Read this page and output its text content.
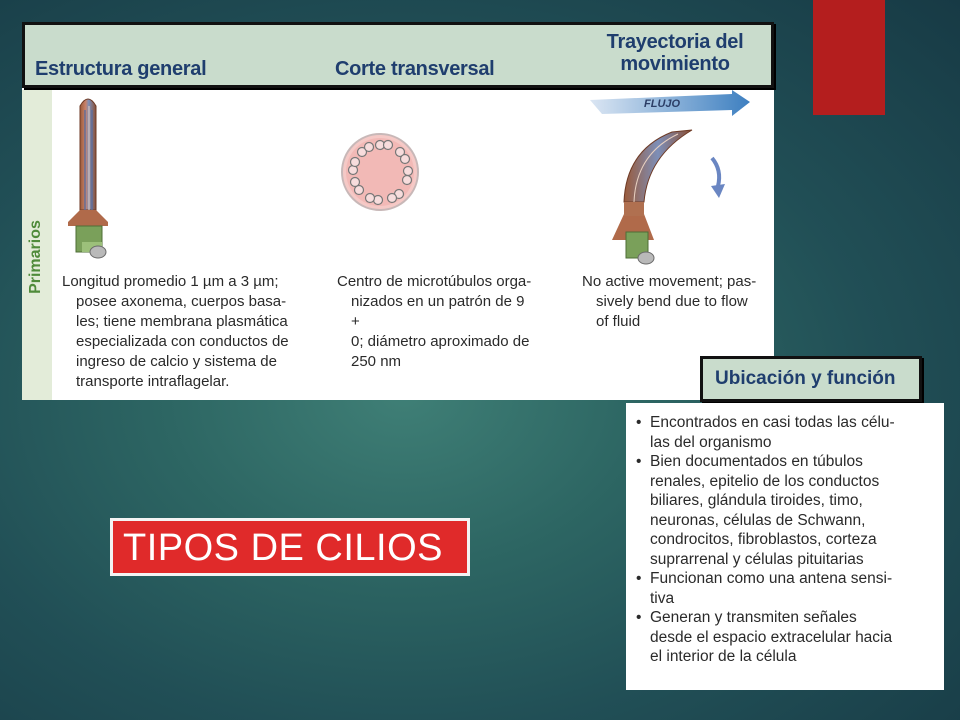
Estructura general	Corte transversal
Trayectoria del movimiento
Primarios
FLUJO
Longitud promedio 1 µm a 3 µm;
posee axonema, cuerpos basa-
les; tiene membrana plasmática
especializada con conductos de
ingreso de calcio y sistema de
transporte intraflagelar.
Centro de microtúbulos orga-
nizados en un patrón de 9 +
0; diámetro aproximado de
250 nm
No active movement; pas-
sively bend due to flow
of fluid
Ubicación y función
• Encontrados en casi todas las célu-
las del organismo
• Bien documentados en túbulos
renales, epitelio de los conductos
biliares, glándula tiroides, timo,
neuronas, células de Schwann,
condrocitos, fibroblastos, corteza
suprarrenal y células pituitarias
• Funcionan como una antena sensi-
tiva
• Generan y transmiten señales
desde el espacio extracelular hacia
el interior de la célula
TIPOS DE CILIOS
